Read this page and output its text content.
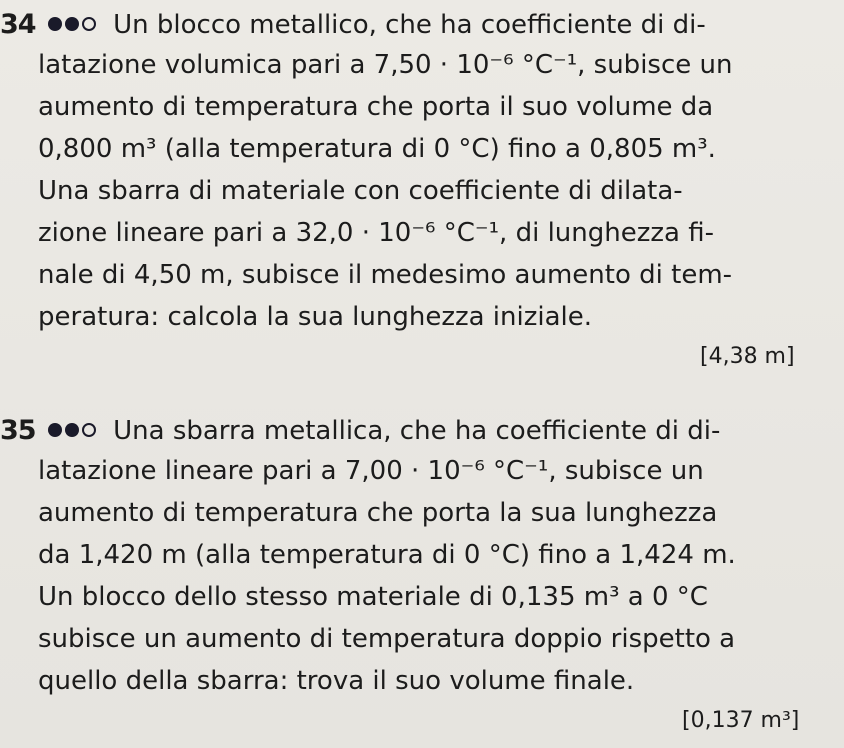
34	Un blocco metallico, che ha coefficiente di di-
latazione volumica pari a 7,50 · 10⁻⁶ °C⁻¹, subisce un
aumento di temperatura che porta il suo volume da
0,800 m³ (alla temperatura di 0 °C) fino a 0,805 m³.
Una sbarra di materiale con coefficiente di dilata-
zione lineare pari a 32,0 · 10⁻⁶ °C⁻¹, di lunghezza fi-
nale di 4,50 m, subisce il medesimo aumento di tem-
peratura: calcola la sua lunghezza iniziale.
[4,38 m]
35	Una sbarra metallica, che ha coefficiente di di-
latazione lineare pari a 7,00 · 10⁻⁶ °C⁻¹, subisce un
aumento di temperatura che porta la sua lunghezza
da 1,420 m (alla temperatura di 0 °C) fino a 1,424 m.
Un blocco dello stesso materiale di 0,135 m³ a 0 °C
subisce un aumento di temperatura doppio rispetto a
quello della sbarra: trova il suo volume finale.
[0,137 m³]
